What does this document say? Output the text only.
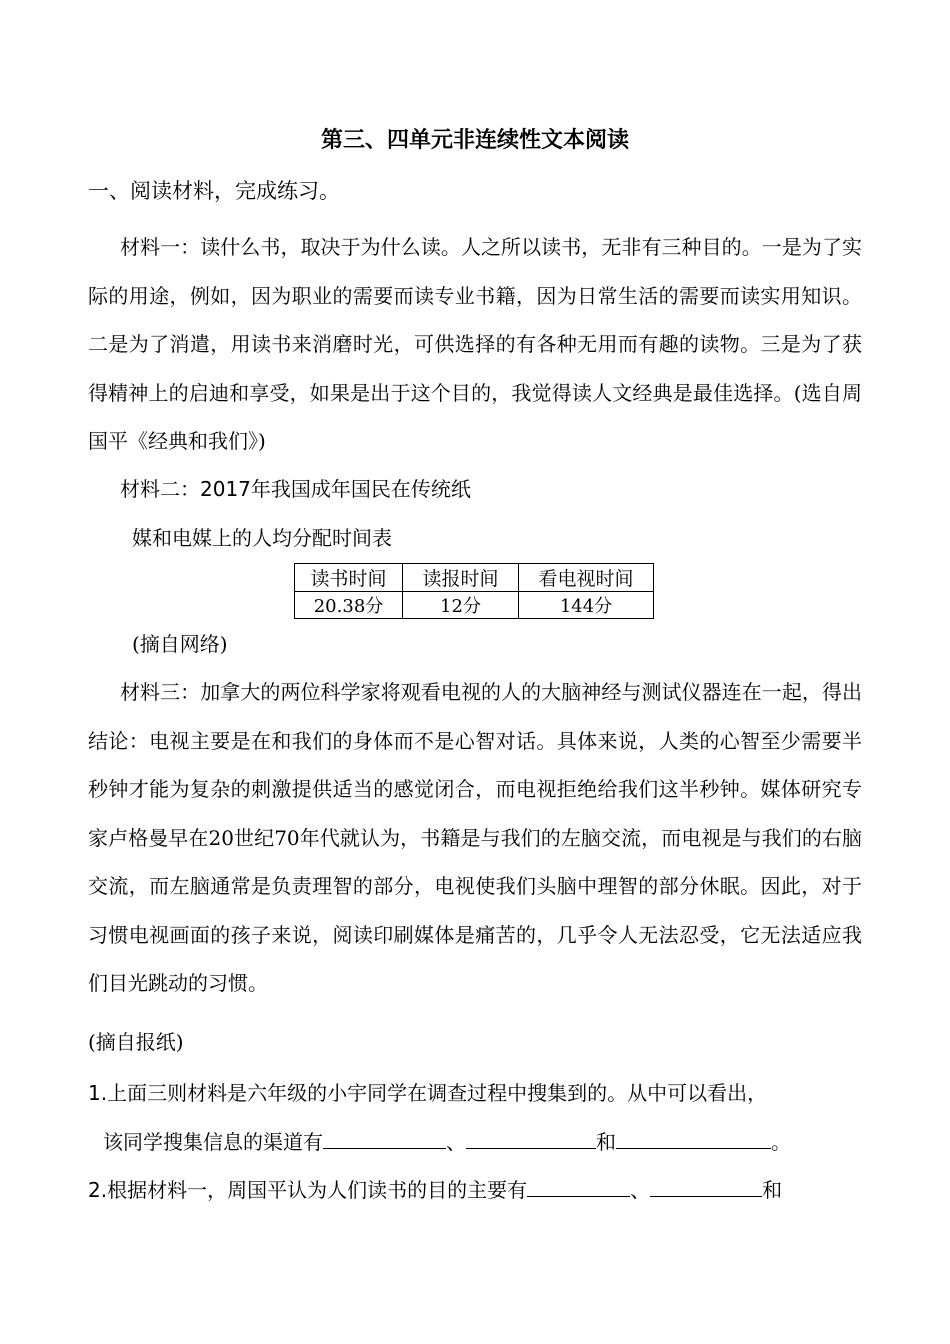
第三、四单元非连续性文本阅读
一、阅读材料，完成练习。

材料一：读什么书，取决于为什么读。人之所以读书，无非有三种目的。一是为了实际的用途，例如，因为职业的需要而读专业书籍，因为日常生活的需要而读实用知识。二是为了消遣，用读书来消磨时光，可供选择的有各种无用而有趣的读物。三是为了获得精神上的启迪和享受，如果是出于这个目的，我觉得读人文经典是最佳选择。(选自周国平《经典和我们》)

材料二：2017年我国成年国民在传统纸
媒和电媒上的人均分配时间表
读书时间	读报时间	看电视时间
20.38分	12分	144分
(摘自网络)

材料三：加拿大的两位科学家将观看电视的人的大脑神经与测试仪器连在一起，得出结论：电视主要是在和我们的身体而不是心智对话。具体来说，人类的心智至少需要半秒钟才能为复杂的刺激提供适当的感觉闭合，而电视拒绝给我们这半秒钟。媒体研究专家卢格曼早在20世纪70年代就认为，书籍是与我们的左脑交流，而电视是与我们的右脑交流，而左脑通常是负责理智的部分，电视使我们头脑中理智的部分休眠。因此，对于习惯电视画面的孩子来说，阅读印刷媒体是痛苦的，几乎令人无法忍受，它无法适应我们目光跳动的习惯。

(摘自报纸)
1.上面三则材料是六年级的小宇同学在调查过程中搜集到的。从中可以看出，
该同学搜集信息的渠道有	、	和	。
2.根据材料一，周国平认为人们读书的目的主要有	、	和
